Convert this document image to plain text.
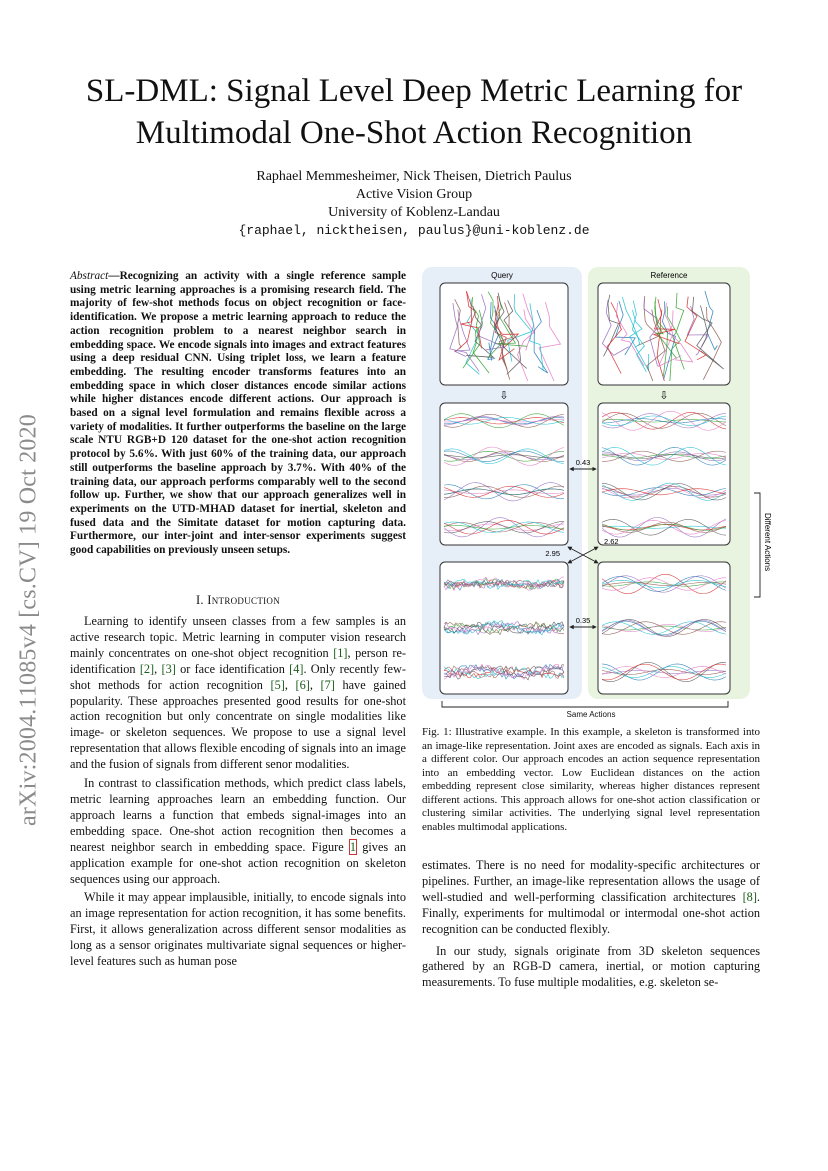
arXiv:2004.11085v4 [cs.CV] 19 Oct 2020
SL-DML: Signal Level Deep Metric Learning for
Multimodal One-Shot Action Recognition
Raphael Memmesheimer, Nick Theisen, Dietrich Paulus
Active Vision Group
University of Koblenz-Landau
{raphael, nicktheisen, paulus}@uni-koblenz.de
Abstract—Recognizing an activity with a single reference sample using metric learning approaches is a promising research field. The majority of few-shot methods focus on object recognition or face-identification. We propose a metric learning approach to reduce the action recognition problem to a nearest neighbor search in embedding space. We encode signals into images and extract features using a deep residual CNN. Using triplet loss, we learn a feature embedding. The resulting encoder transforms features into an embedding space in which closer distances encode similar actions while higher distances encode different actions. Our approach is based on a signal level formulation and remains flexible across a variety of modalities. It further outperforms the baseline on the large scale NTU RGB+D 120 dataset for the one-shot action recognition protocol by 5.6%. With just 60% of the training data, our approach still outperforms the baseline approach by 3.7%. With 40% of the training data, our approach performs comparably well to the second follow up. Further, we show that our approach generalizes well in experiments on the UTD-MHAD dataset for inertial, skeleton and fused data and the Simitate dataset for motion capturing data. Furthermore, our inter-joint and inter-sensor experiments suggest good capabilities on previously unseen setups.
I. Introduction

Learning to identify unseen classes from a few samples is an active research topic. Metric learning in computer vision research mainly concentrates on one-shot object recognition [1], person re-identification [2], [3] or face identification [4]. Only recently few-shot methods for action recognition [5], [6], [7] have gained popularity. These approaches presented good results for one-shot action recognition but only concentrate on single modalities like image- or skeleton sequences. We propose to use a signal level representation that allows flexible encoding of signals into an image and the fusion of signals from different senor modalities.

In contrast to classification methods, which predict class labels, metric learning approaches learn an embedding function. Our approach learns a function that embeds signal-images into an embedding space. One-shot action recognition then becomes a nearest neighbor search in embedding space. Figure 1 gives an application example for one-shot action recognition on skeleton sequences using our approach.

While it may appear implausible, initially, to encode signals into an image representation for action recognition, it has some benefits. First, it allows generalization across different sensor modalities as long as a sensor originates multivariate signal sequences or higher-level features such as human pose

Query	Reference
⇩	⇩
0.43
2.62
2.95
0.35
Different Actions
Same Actions
Fig. 1: Illustrative example. In this example, a skeleton is transformed into an image-like representation. Joint axes are encoded as signals. Each axis in a different color. Our approach encodes an action sequence representation into an embedding vector. Low Euclidean distances on the action embedding represent close similarity, whereas higher distances represent different actions. This approach allows for one-shot action classification or clustering similar activities. The underlying signal level representation enables multimodal applications.

estimates. There is no need for modality-specific architectures or pipelines. Further, an image-like representation allows the usage of well-studied and well-performing classification architectures [8]. Finally, experiments for multimodal or intermodal one-shot action recognition can be conducted flexibly.

In our study, signals originate from 3D skeleton sequences gathered by an RGB-D camera, inertial, or motion capturing measurements. To fuse multiple modalities, e.g. skeleton se-
